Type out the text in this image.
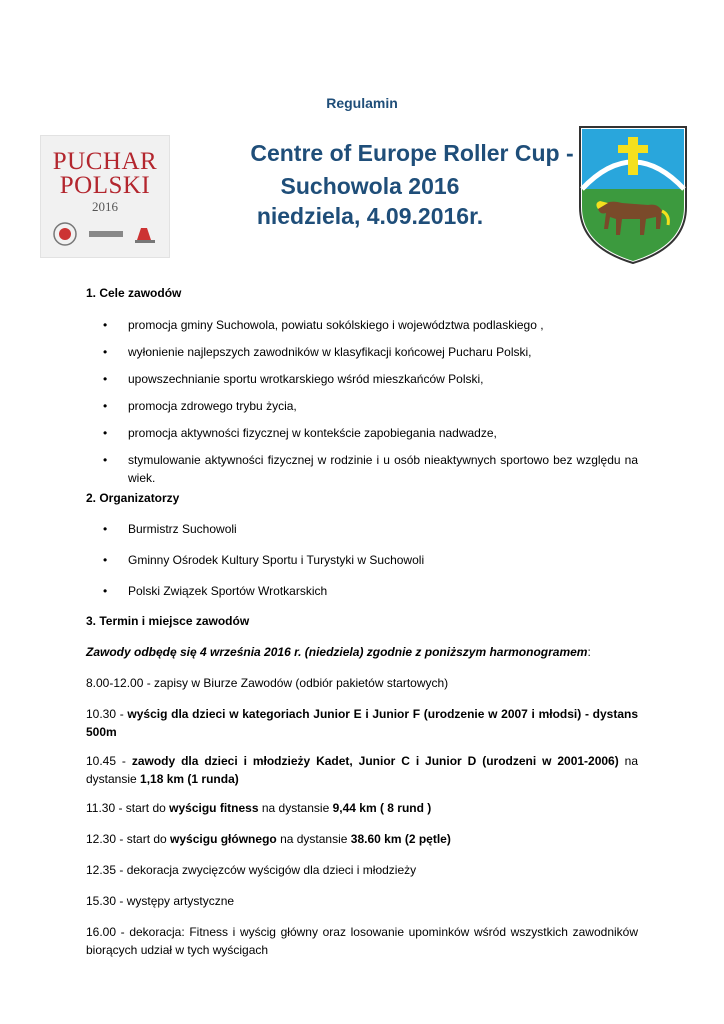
Regulamin
PUCHAR
POLSKI
2016
Centre of Europe Roller Cup -
Suchowola 2016
niedziela, 4.09.2016r.
1. Cele zawodów
• promocja gminy Suchowola, powiatu sokólskiego i województwa podlaskiego ,
• wyłonienie najlepszych zawodników w klasyfikacji końcowej Pucharu Polski,
• upowszechnianie sportu wrotkarskiego wśród mieszkańców Polski,
• promocja zdrowego trybu życia,
• promocja aktywności fizycznej w kontekście zapobiegania nadwadze,
• stymulowanie aktywności fizycznej w rodzinie i u osób nieaktywnych sportowo bez względu na wiek.
2. Organizatorzy
• Burmistrz Suchowoli
• Gminny Ośrodek Kultury Sportu i Turystyki w Suchowoli
• Polski Związek Sportów Wrotkarskich
3. Termin i miejsce zawodów
Zawody odbędę się 4 września 2016 r. (niedziela) zgodnie z poniższym harmonogramem:
8.00-12.00 - zapisy w Biurze Zawodów (odbiór pakietów startowych)
10.30 - wyścig dla dzieci w kategoriach Junior E i Junior F (urodzenie w 2007 i młodsi) - dystans 500m
10.45 - zawody dla dzieci i młodzieży Kadet, Junior C i Junior D (urodzeni w 2001-2006) na dystansie 1,18 km (1 runda)
11.30 - start do wyścigu fitness na dystansie 9,44 km ( 8 rund )
12.30 - start do wyścigu głównego na dystansie 38.60 km (2 pętle)
12.35 - dekoracja zwycięzców wyścigów dla dzieci i młodzieży
15.30 - występy artystyczne
16.00 - dekoracja: Fitness i wyścig główny oraz losowanie upominków wśród wszystkich zawodników biorących udział w tych wyścigach
